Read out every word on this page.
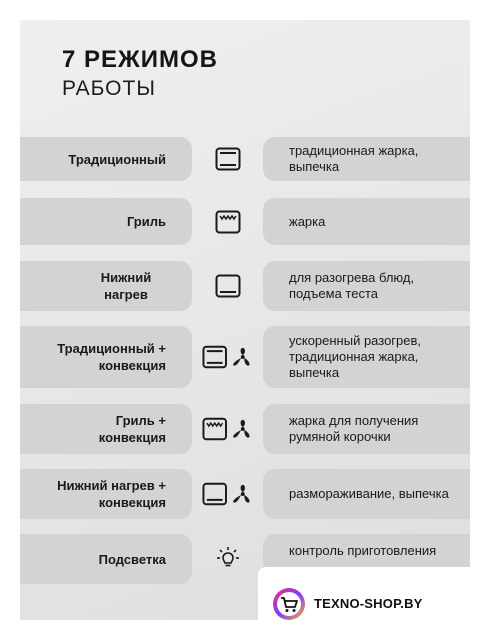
7 РЕЖИМОВ
РАБОТЫ
Традиционный
традиционная жарка, выпечка
Гриль	жарка
Нижний нагрев
для разогрева блюд, подъема теста
Традиционный + конвекция
ускоренный разогрев, традиционная жарка, выпечка
Гриль + конвекция
жарка для получения румяной корочки
Нижний нагрев + конвекция
размораживание, выпечка
Подсветка
контроль приготовления
TEXNO-SHOP.BY
